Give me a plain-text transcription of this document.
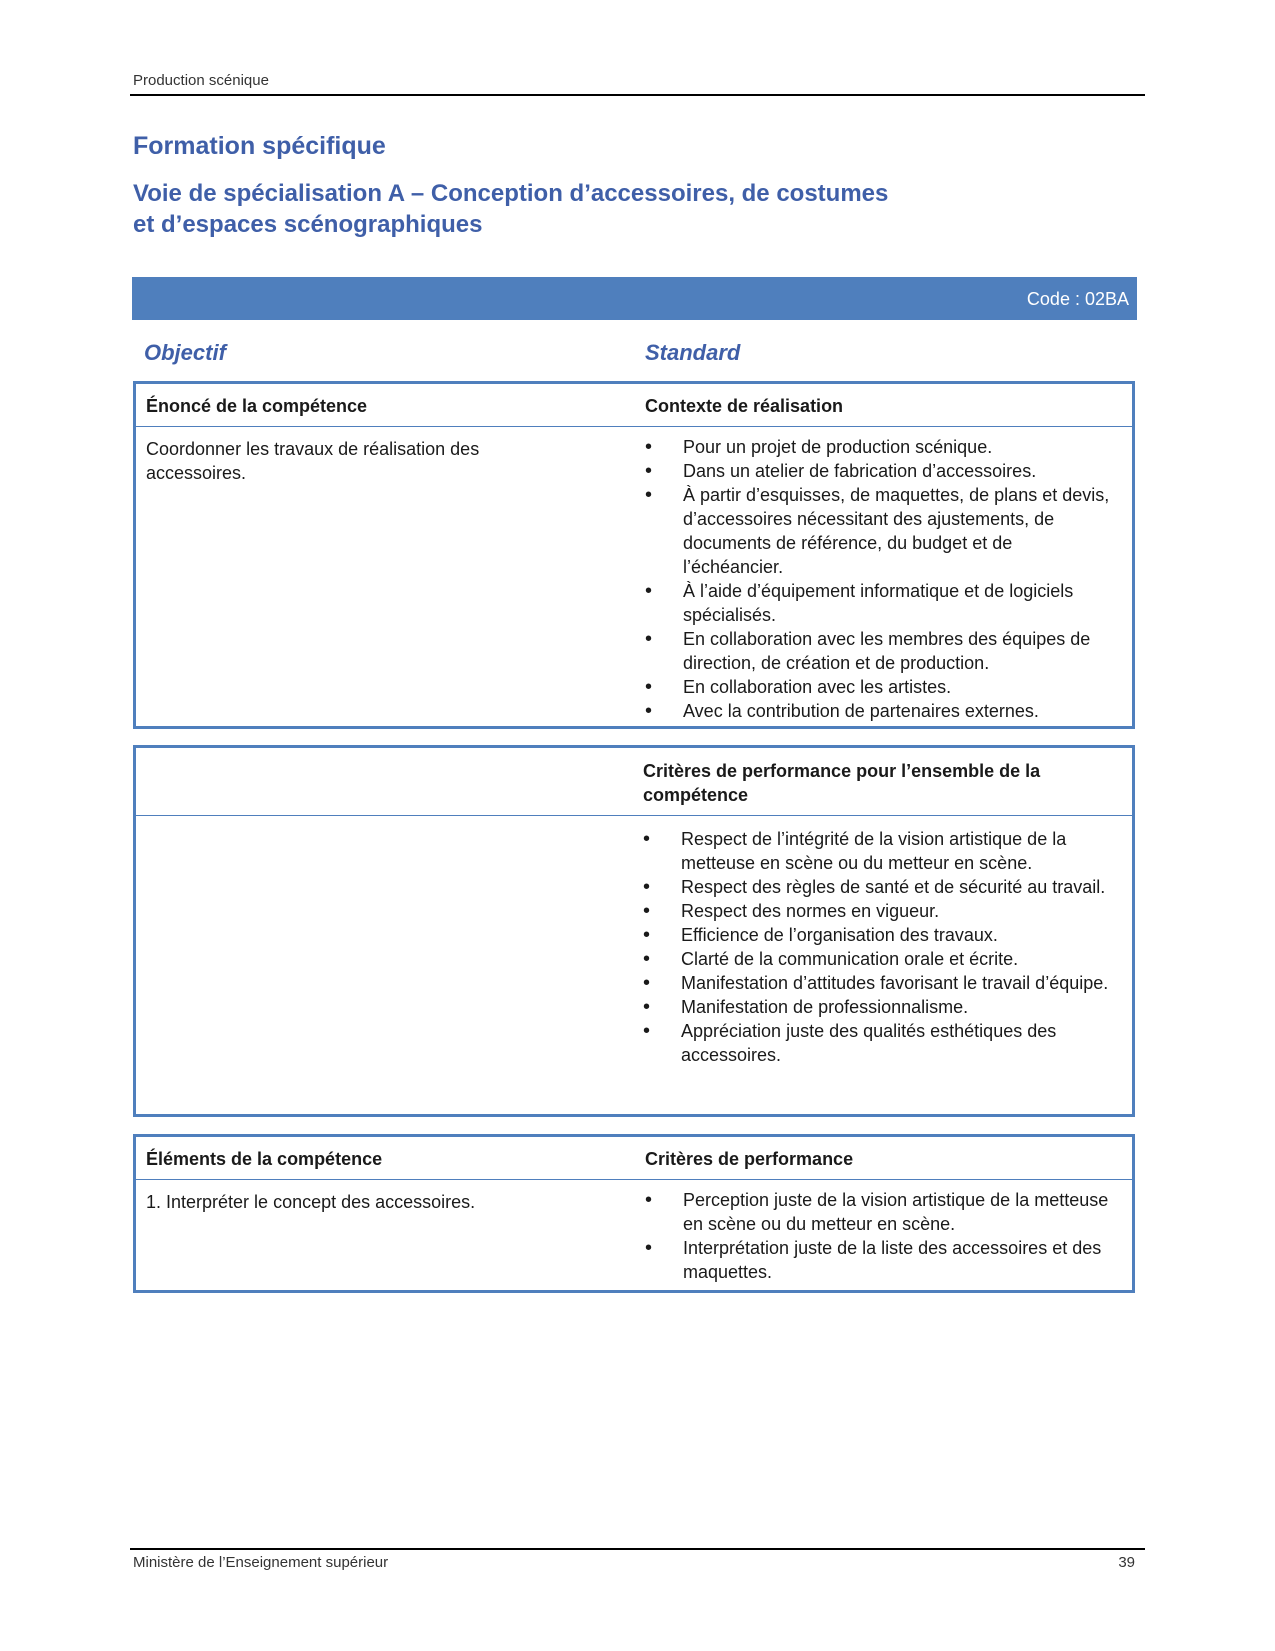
Production scénique
Formation spécifique
Voie de spécialisation A – Conception d’accessoires, de costumes
et d’espaces scénographiques
Code : 02BA
Objectif	Standard
Énoncé de la compétence	Contexte de réalisation
Coordonner les travaux de réalisation des
accessoires.
• Pour un projet de production scénique.
• Dans un atelier de fabrication d’accessoires.
• À partir d’esquisses, de maquettes, de plans et devis, d’accessoires nécessitant des ajustements, de documents de référence, du budget et de l’échéancier.
• À l’aide d’équipement informatique et de logiciels spécialisés.
• En collaboration avec les membres des équipes de direction, de création et de production.
• En collaboration avec les artistes.
• Avec la contribution de partenaires externes.
Critères de performance pour l’ensemble de la compétence
• Respect de l’intégrité de la vision artistique de la metteuse en scène ou du metteur en scène.
• Respect des règles de santé et de sécurité au travail.
• Respect des normes en vigueur.
• Efficience de l’organisation des travaux.
• Clarté de la communication orale et écrite.
• Manifestation d’attitudes favorisant le travail d’équipe.
• Manifestation de professionnalisme.
• Appréciation juste des qualités esthétiques des accessoires.
Éléments de la compétence	Critères de performance
1. Interpréter le concept des accessoires.
•	Perception juste de la vision artistique de la metteuse en scène ou du metteur en scène.
• Interprétation juste de la liste des accessoires et des maquettes.
Ministère de l’Enseignement supérieur	39
